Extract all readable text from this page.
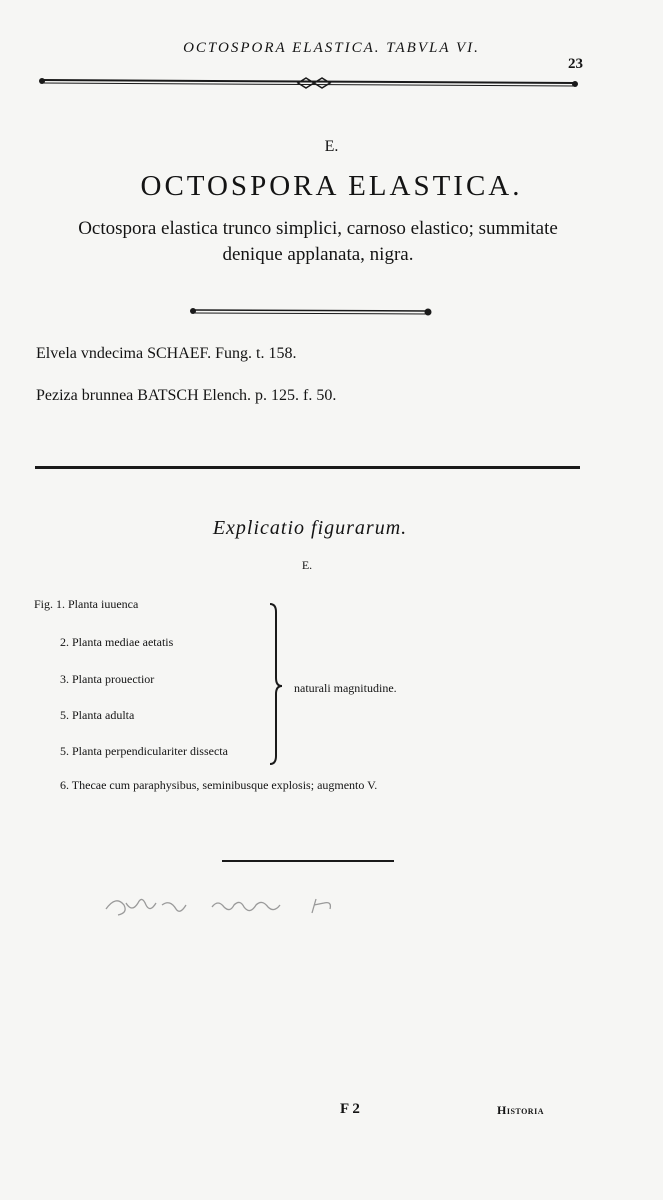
OCTOSPORA ELASTICA. TABVLA VI.
23
E.
OCTOSPORA ELASTICA.
Octospora elastica trunco simplici, carnoso elastico; summitate
denique applanata, nigra.
Elvela vndecima SCHAEF. Fung. t. 158.
Peziza brunnea BATSCH Elench. p. 125. f. 50.
Explicatio figurarum.
E.
Fig. 1. Planta iuuenca
2. Planta mediae aetatis
3. Planta prouectior
5. Planta adulta
5. Planta perpendiculariter dissecta
6. Thecae cum paraphysibus, seminibusque explosis; augmento V.
naturali magnitudine.
F 2	Historia
